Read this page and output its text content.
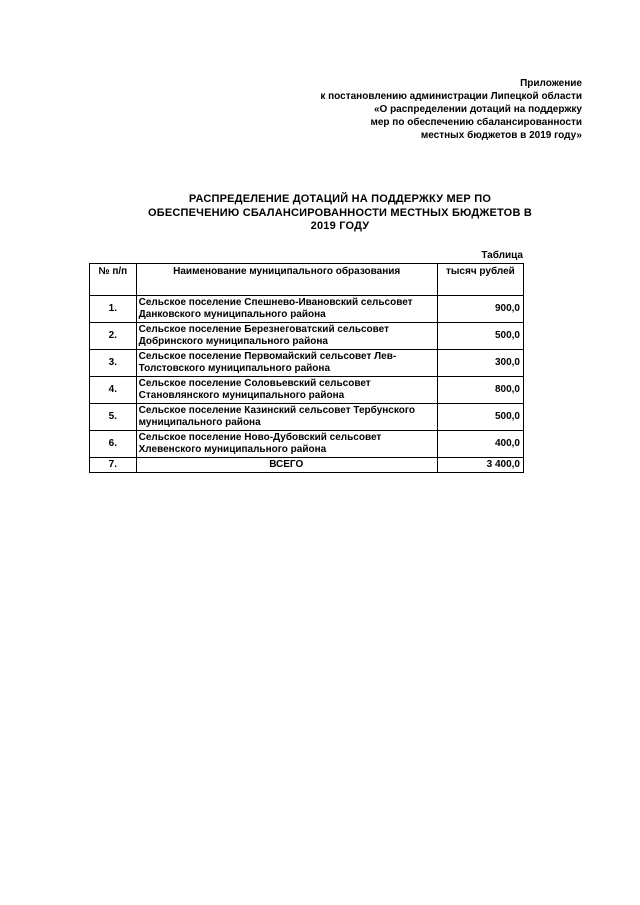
Приложение
к постановлению администрации Липецкой области
«О распределении дотаций на поддержку
мер по обеспечению сбалансированности
местных бюджетов в 2019 году»
РАСПРЕДЕЛЕНИЕ ДОТАЦИЙ НА ПОДДЕРЖКУ МЕР ПО
ОБЕСПЕЧЕНИЮ СБАЛАНСИРОВАННОСТИ МЕСТНЫХ БЮДЖЕТОВ В
2019 ГОДУ
Таблица
№ п/п	Наименование муниципального образования	тысяч рублей
1.	Сельское поселение Спешнево-Ивановский сельсовет Данковского муниципального района	900,0
2.	Сельское поселение Березнеговатский сельсовет Добринского муниципального района	500,0
3.	Сельское поселение Первомайский сельсовет Лев-Толстовского муниципального района	300,0
4.	Сельское поселение Соловьевский сельсовет Становлянского муниципального района	800,0
5.	Сельское поселение Казинский сельсовет Тербунского муниципального района	500,0
6.	Сельское поселение Ново-Дубовский сельсовет Хлевенского муниципального района	400,0
7.	ВСЕГО	3 400,0
